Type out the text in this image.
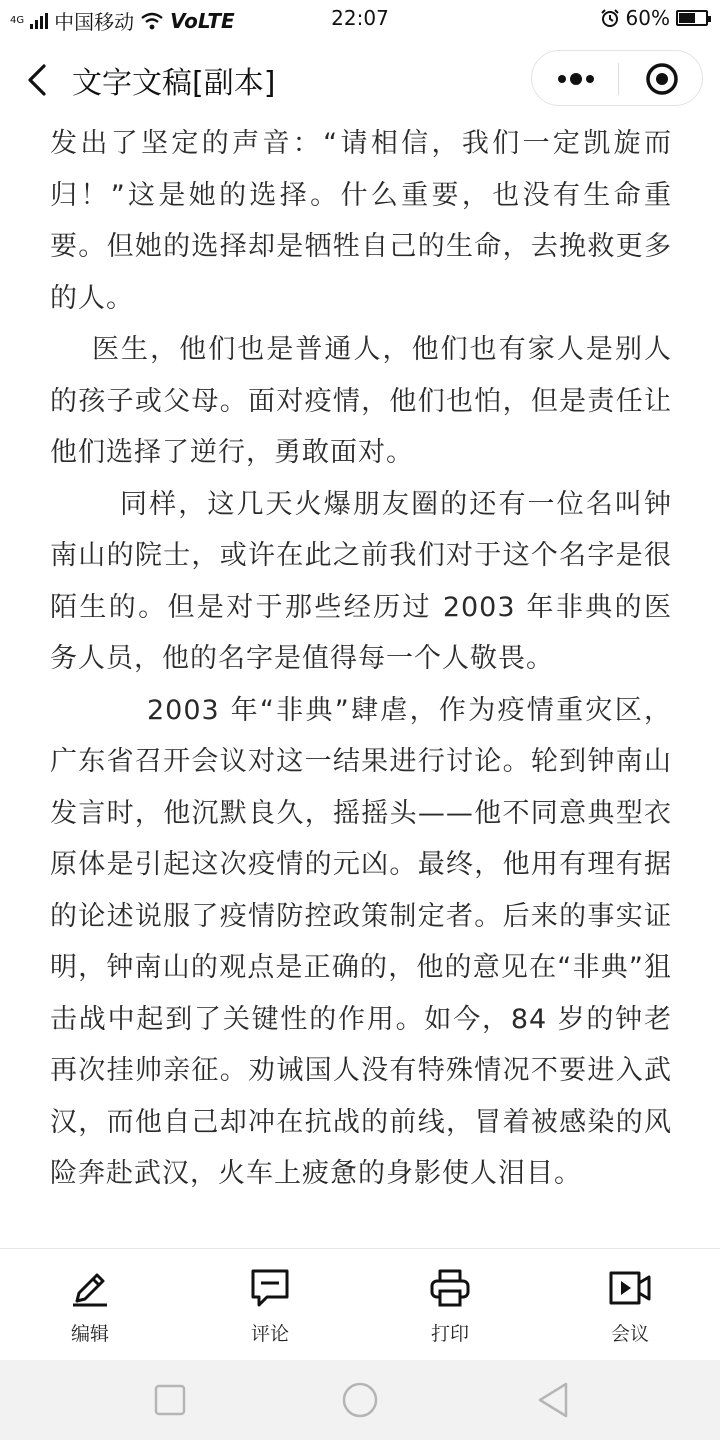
4G 中国移动 VoLTE	22:07	60%
文字文稿[副本]

发出了坚定的声音：“请相信，我们一定凯旋而归！”这是她的选择。什么重要，也没有生命重要。但她的选择却是牺牲自己的生命，去挽救更多的人。

医生，他们也是普通人，他们也有家人是别人的孩子或父母。面对疫情，他们也怕，但是责任让他们选择了逆行，勇敢面对。

同样，这几天火爆朋友圈的还有一位名叫钟南山的院士，或许在此之前我们对于这个名字是很陌生的。但是对于那些经历过 2003 年非典的医务人员，他的名字是值得每一个人敬畏。

2003 年“非典”肆虐，作为疫情重灾区，广东省召开会议对这一结果进行讨论。轮到钟南山发言时，他沉默良久，摇摇头——他不同意典型衣原体是引起这次疫情的元凶。最终，他用有理有据的论述说服了疫情防控政策制定者。后来的事实证明，钟南山的观点是正确的，他的意见在“非典”狙击战中起到了关键性的作用。如今，84 岁的钟老再次挂帅亲征。劝诫国人没有特殊情况不要进入武汉，而他自己却冲在抗战的前线，冒着被感染的风险奔赴武汉，火车上疲惫的身影使人泪目。

编辑	评论	打印	会议
